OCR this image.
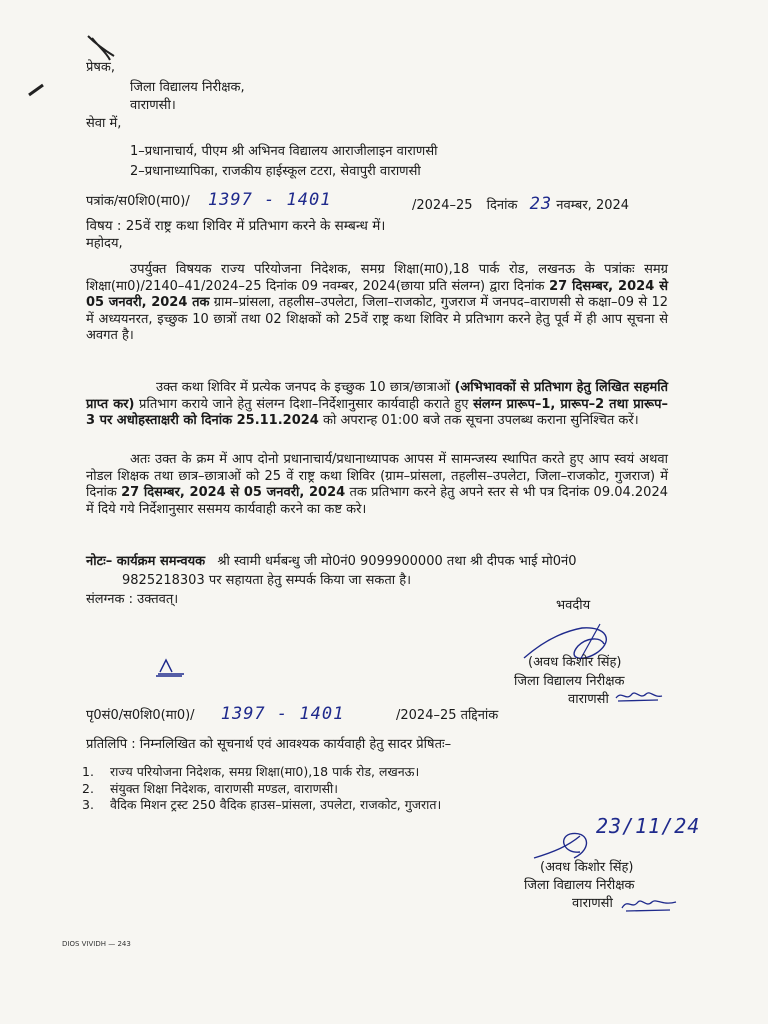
प्रेषक,
जिला विद्यालय निरीक्षक,
वाराणसी।
सेवा में,
1–प्रधानाचार्य, पीएम श्री अभिनव विद्यालय आराजीलाइन वाराणसी
2–प्रधानाध्यापिका, राजकीय हाईस्कूल टटरा, सेवापुरी वाराणसी
पत्रांक/स0शि0(मा0)/ 1397 - 1401	/2024–25 दिनांक 23 नवम्बर, 2024
विषय : 25वें राष्ट्र कथा शिविर में प्रतिभाग करने के सम्बन्ध में।
महोदय,
उपर्युक्त विषयक राज्य परियोजना निदेशक, समग्र शिक्षा(मा0),18 पार्क रोड, लखनऊ के पत्रांकः समग्र शिक्षा(मा0)/2140–41/2024–25 दिनांक 09 नवम्बर, 2024(छाया प्रति संलग्न) द्वारा दिनांक 27 दिसम्बर, 2024 से 05 जनवरी, 2024 तक ग्राम–प्रांसला, तहलीस–उपलेटा, जिला–राजकोट, गुजराज में जनपद–वाराणसी से कक्षा–09 से 12 में अध्ययनरत, इच्छुक 10 छात्रों तथा 02 शिक्षकों को 25वें राष्ट्र कथा शिविर मे प्रतिभाग करने हेतु पूर्व में ही आप सूचना से अवगत है।
उक्त कथा शिविर में प्रत्येक जनपद के इच्छुक 10 छात्र/छात्राओं (अभिभावकों से प्रतिभाग हेतु लिखित सहमति प्राप्त कर) प्रतिभाग कराये जाने हेतु संलग्न दिशा–निर्देशानुसार कार्यवाही कराते हुए संलग्न प्रारूप–1, प्रारूप–2 तथा प्रारूप–3 पर अधोहस्ताक्षरी को दिनांक 25.11.2024 को अपरान्ह 01:00 बजे तक सूचना उपलब्ध कराना सुनिश्चित करें।
अतः उक्त के क्रम में आप दोनो प्रधानाचार्य/प्रधानाध्यापक आपस में सामन्जस्य स्थापित करते हुए आप स्वयं अथवा नोडल शिक्षक तथा छात्र–छात्राओं को 25 वें राष्ट्र कथा शिविर (ग्राम–प्रांसला, तहलीस–उपलेटा, जिला–राजकोट, गुजराज) में दिनांक 27 दिसम्बर, 2024 से 05 जनवरी, 2024 तक प्रतिभाग करने हेतु अपने स्तर से भी पत्र दिनांक 09.04.2024 में दिये गये निर्देशानुसार ससमय कार्यवाही करने का कष्ट करे।
नोटः– कार्यक्रम समन्वयक श्री स्वामी धर्मबन्धु जी मो0नं0 9099900000 तथा श्री दीपक भाई मो0नं0
9825218303 पर सहायता हेतु सम्पर्क किया जा सकता है।
संलग्नक : उक्तवत्।	भवदीय
(अवध किशोर सिंह)
जिला विद्यालय निरीक्षक
वाराणसी
पृ0सं0/स0शि0(मा0)/ 1397 - 1401	/2024–25 तद्दिनांक
प्रतिलिपि : निम्नलिखित को सूचनार्थ एवं आवश्यक कार्यवाही हेतु सादर प्रेषितः–
1. राज्य परियोजना निदेशक, समग्र शिक्षा(मा0),18 पार्क रोड, लखनऊ।
2. संयुक्त शिक्षा निदेशक, वाराणसी मण्डल, वाराणसी।
3. वैदिक मिशन ट्रस्ट 250 वैदिक हाउस–प्रांसला, उपलेटा, राजकोट, गुजरात।
23/11/24
(अवध किशोर सिंह)
जिला विद्यालय निरीक्षक
वाराणसी
DIOS VIVIDH — 243
